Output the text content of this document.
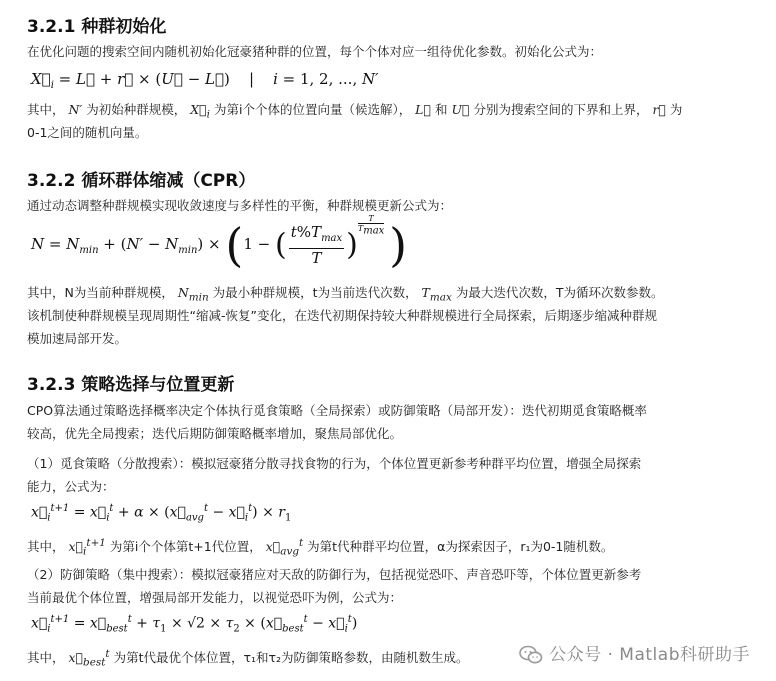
3.2.1 种群初始化
在优化问题的搜索空间内随机初始化冠豪猪种群的位置，每个个体对应一组待优化参数。初始化公式为：
$X⃗_i$ = L⃗ + r⃗ × (U⃗ − L⃗) |    i = 1, 2, ..., N′
其中， N′ 为初始种群规模， $X⃗_i$ 为第i个个体的位置向量（候选解）， L⃗ 和 U⃗ 分别为搜索空间的下界和上界， r⃗ 为
0-1之间的随机向量。
3.2.2 循环群体缩减（CPR）
通过动态调整种群规模实现收敛速度与多样性的平衡，种群规模更新公式为：
$N = N_{min} + (N' - N_{min}) \times (1$ − ( $\frac{t\%T_{max}}{T}$ )
$\frac{T}{T_{max}}$ )
其中，N为当前种群规模， $N_{min}$ 为最小种群规模，t为当前迭代次数， $T_{max}$ 为最大迭代次数，T为循环次数参数。
该机制使种群规模呈现周期性“缩减-恢复”变化，在迭代初期保持较大种群规模进行全局探索，后期逐步缩减种群规
模加速局部开发。
3.2.3 策略选择与位置更新
CPO算法通过策略选择概率决定个体执行觅食策略（全局探索）或防御策略（局部开发）：迭代初期觅食策略概率
较高，优先全局搜索；迭代后期防御策略概率增加，聚焦局部优化。
（1）觅食策略（分散搜索）：模拟冠豪猪分散寻找食物的行为，个体位置更新参考种群平均位置，增强全局探索
能力，公式为：
$x⃗_i^{t+1}$ = $x⃗_i^t + \alpha$ × ($x⃗_{avg}^t$ − $x⃗_i^t) \times r_1$
其中， $x⃗_i^{t+1}$ 为第i个个体第t+1代位置， $x⃗_{avg}^t$ 为第t代种群平均位置，α为探索因子，r₁为0-1随机数。
（2）防御策略（集中搜索）：模拟冠豪猪应对天敌的防御行为，包括视觉恐吓、声音恐吓等，个体位置更新参考
当前最优个体位置，增强局部开发能力，以视觉恐吓为例，公式为：
$x⃗_i^{t+1}$ = $x⃗_{best}^t + \tau_1 \times √2 \times \tau_2$ × ($x⃗_{best}^t$ − $x⃗_i^t$)
其中， $x⃗_{best}^t$ 为第t代最优个体位置，τ₁和τ₂为防御策略参数，由随机数生成。	公众号 · Matlab科研助手
